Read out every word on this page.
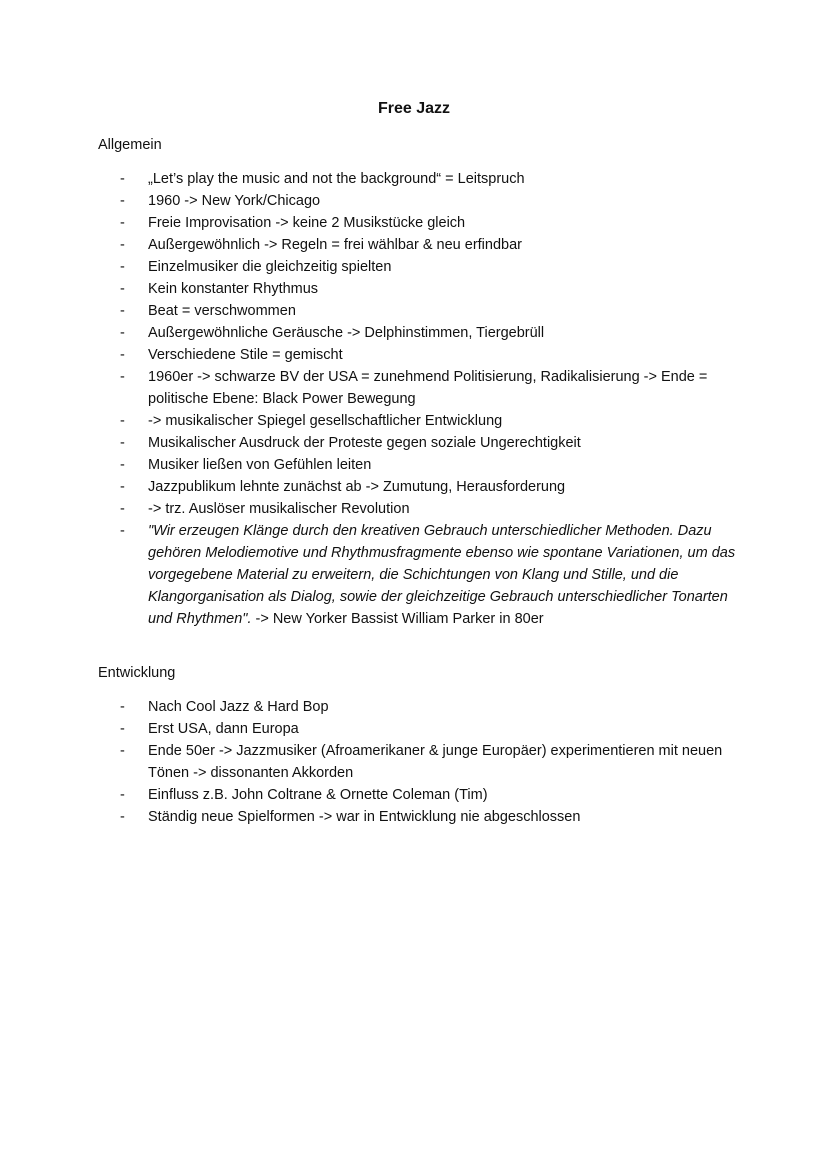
Free Jazz
Allgemein
- „Let’s play the music and not the background“ = Leitspruch
- 1960 -> New York/Chicago
- Freie Improvisation -> keine 2 Musikstücke gleich
- Außergewöhnlich -> Regeln = frei wählbar & neu erfindbar
- Einzelmusiker die gleichzeitig spielten
- Kein konstanter Rhythmus
- Beat = verschwommen
- Außergewöhnliche Geräusche -> Delphinstimmen, Tiergebrüll
- Verschiedene Stile = gemischt
- 1960er -> schwarze BV der USA = zunehmend Politisierung, Radikalisierung -> Ende = politische Ebene: Black Power Bewegung
- -> musikalischer Spiegel gesellschaftlicher Entwicklung
- Musikalischer Ausdruck der Proteste gegen soziale Ungerechtigkeit
- Musiker ließen von Gefühlen leiten
- Jazzpublikum lehnte zunächst ab -> Zumutung, Herausforderung
- -> trz. Auslöser musikalischer Revolution
- "Wir erzeugen Klänge durch den kreativen Gebrauch unterschiedlicher Methoden. Dazu gehören Melodiemotive und Rhythmusfragmente ebenso wie spontane Variationen, um das vorgegebene Material zu erweitern, die Schichtungen von Klang und Stille, und die Klangorganisation als Dialog, sowie der gleichzeitige Gebrauch unterschiedlicher Tonarten und Rhythmen". -> New Yorker Bassist William Parker in 80er
Entwicklung
- Nach Cool Jazz & Hard Bop
- Erst USA, dann Europa
- Ende 50er -> Jazzmusiker (Afroamerikaner & junge Europäer) experimentieren mit neuen Tönen -> dissonanten Akkorden
- Einfluss z.B. John Coltrane & Ornette Coleman (Tim)
- Ständig neue Spielformen -> war in Entwicklung nie abgeschlossen
